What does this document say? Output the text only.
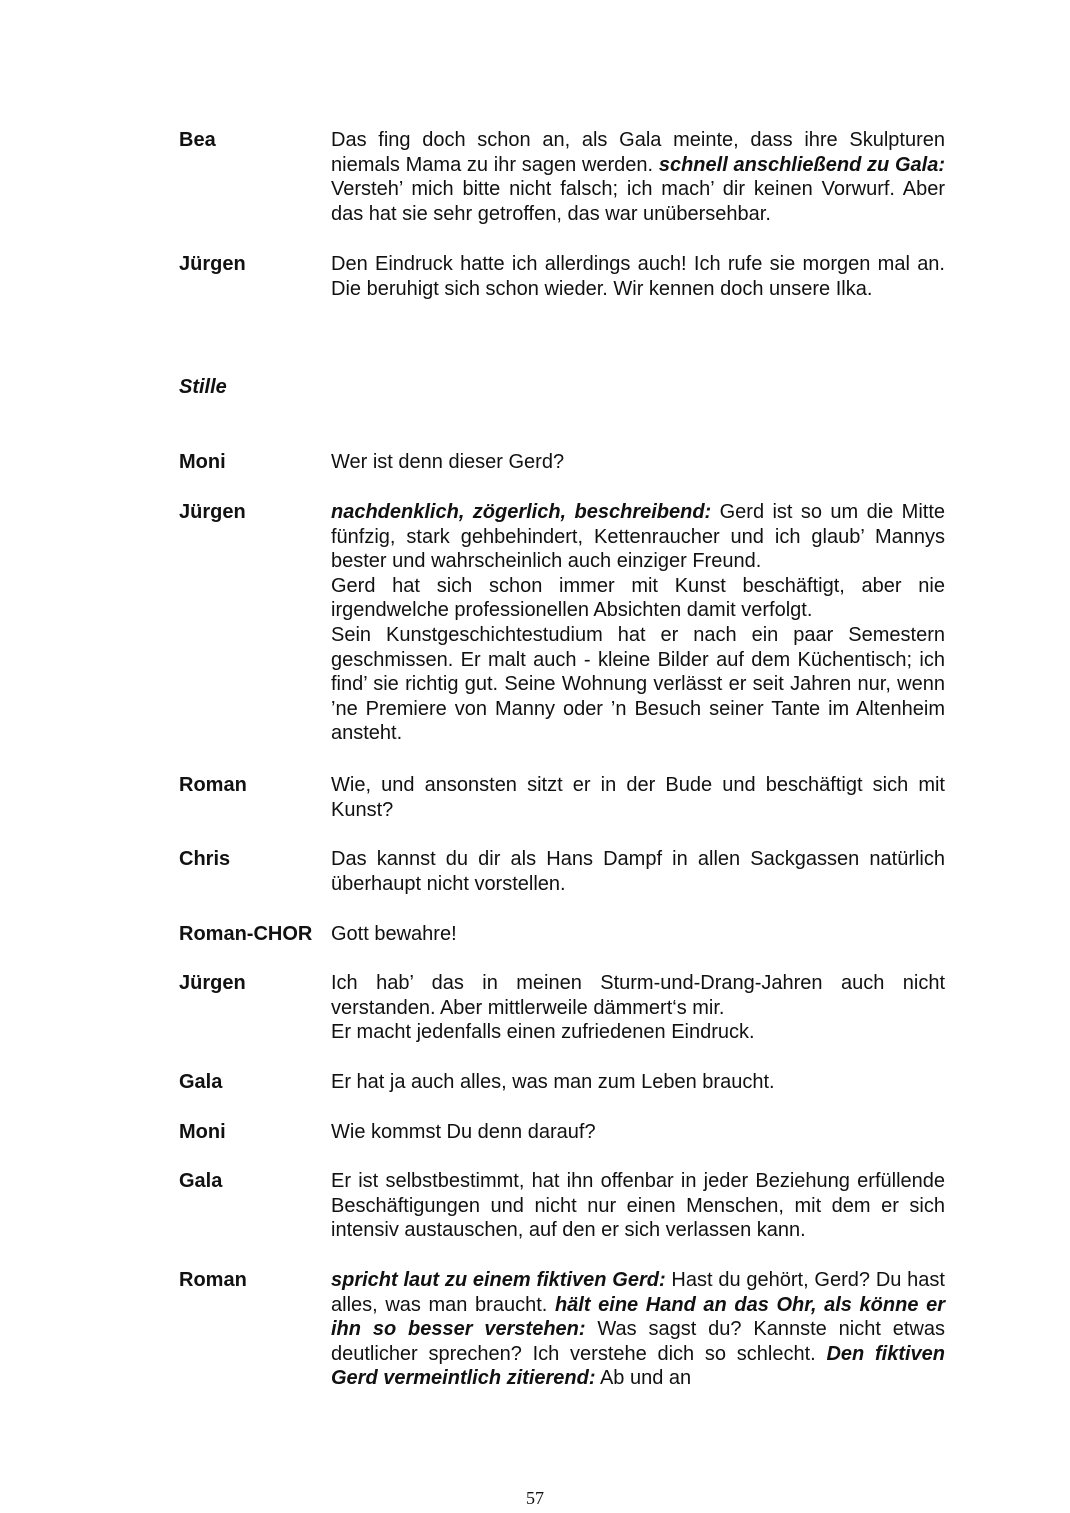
Bea	Das fing doch schon an, als Gala meinte, dass ihre Skulpturen niemals Mama zu ihr sagen werden. schnell anschließend zu Gala: Versteh’ mich bitte nicht falsch; ich mach’ dir keinen Vorwurf. Aber das hat sie sehr getroffen, das war unübersehbar.
Jürgen	Den Eindruck hatte ich allerdings auch! Ich rufe sie morgen mal an. Die beruhigt sich schon wieder. Wir kennen doch unsere Ilka.
Stille
Moni	Wer ist denn dieser Gerd?
Jürgen	nachdenklich, zögerlich, beschreibend: Gerd ist so um die Mitte fünfzig, stark gehbehindert, Kettenraucher und ich glaub’ Mannys bester und wahrscheinlich auch einziger Freund.
Gerd hat sich schon immer mit Kunst beschäftigt, aber nie irgendwelche professionellen Absichten damit verfolgt.
Sein Kunstgeschichtestudium hat er nach ein paar Semestern geschmissen. Er malt auch - kleine Bilder auf dem Küchentisch; ich find’ sie richtig gut. Seine Wohnung verlässt er seit Jahren nur, wenn ’ne Premiere von Manny oder ’n Besuch seiner Tante im Altenheim ansteht.
Roman	Wie, und ansonsten sitzt er in der Bude und beschäftigt sich mit Kunst?
Chris	Das kannst du dir als Hans Dampf in allen Sackgassen natürlich überhaupt nicht vorstellen.
Roman-CHOR Gott bewahre!
Jürgen	Ich hab’ das in meinen Sturm-und-Drang-Jahren auch nicht verstanden. Aber mittlerweile dämmert‘s mir.
Er macht jedenfalls einen zufriedenen Eindruck.
Gala	Er hat ja auch alles, was man zum Leben braucht.
Moni	Wie kommst Du denn darauf?
Gala	Er ist selbstbestimmt, hat ihn offenbar in jeder Beziehung erfüllende Beschäftigungen und nicht nur einen Menschen, mit dem er sich intensiv austauschen, auf den er sich verlassen kann.
Roman	spricht laut zu einem fiktiven Gerd: Hast du gehört, Gerd? Du hast alles, was man braucht. hält eine Hand an das Ohr, als könne er ihn so besser verstehen: Was sagst du? Kannste nicht etwas deutlicher sprechen? Ich verstehe dich so schlecht. Den fiktiven Gerd vermeintlich zitierend: Ab und an
57
